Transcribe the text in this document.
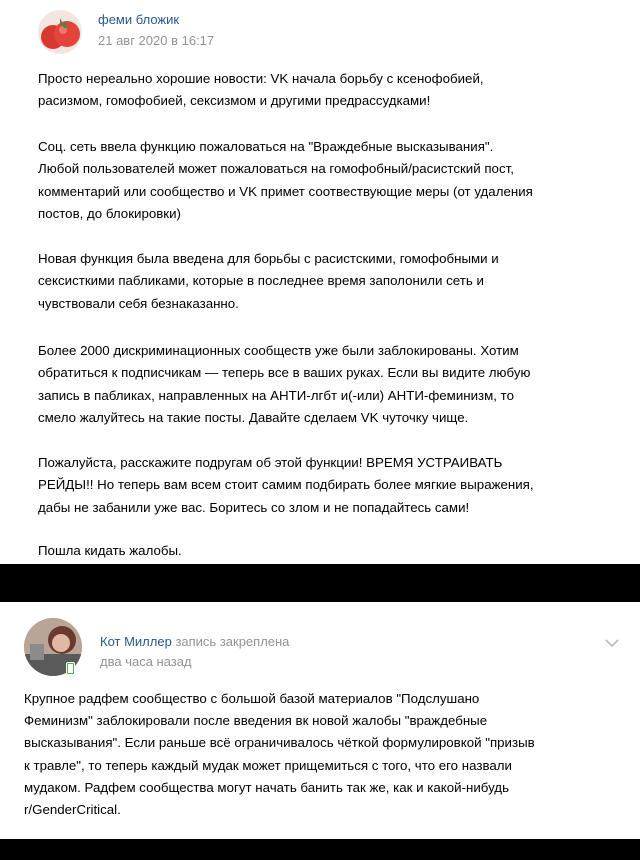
феми бложик
21 авг 2020 в 16:17

Просто нереально хорошие новости: VK начала борьбу с ксенофобией,
расизмом, гомофобией, сексизмом и другими предрассудками!

Соц. сеть ввела функцию пожаловаться на "Враждебные высказывания".
Любой пользователей может пожаловаться на гомофобный/расистский пост,
комментарий или сообщество и VK примет соотвествующие меры (от удаления
постов, до блокировки)

Новая функция была введена для борьбы с расистскими, гомофобными и
сексисткими пабликами, которые в последнее время заполонили сеть и
чувствовали себя безнаказанно.

Более 2000 дискриминационных сообществ уже были заблокированы. Хотим
обратиться к подписчикам — теперь все в ваших руках. Если вы видите любую
запись в пабликах, направленных на АНТИ-лгбт и(-или) АНТИ-феминизм, то
смело жалуйтесь на такие посты. Давайте сделаем VK чуточку чище.

Пожалуйста, расскажите подругам об этой функции! ВРЕМЯ УСТРАИВАТЬ
РЕЙДЫ!! Но теперь вам всем стоит самим подбирать более мягкие выражения,
дабы не забанили уже вас. Боритесь со злом и не попадайтесь сами!

Пошла кидать жалобы.

Кот Миллер запись закреплена
два часа назад

Крупное радфем сообщество с большой базой материалов "Подслушано
Феминизм" заблокировали после введения вк новой жалобы "враждебные
высказывания". Если раньше всё ограничивалось чёткой формулировкой "призыв
к травле", то теперь каждый мудак может прищемиться с того, что его назвали
мудаком. Радфем сообщества могут начать банить так же, как и какой-нибудь
r/GenderCritical.
